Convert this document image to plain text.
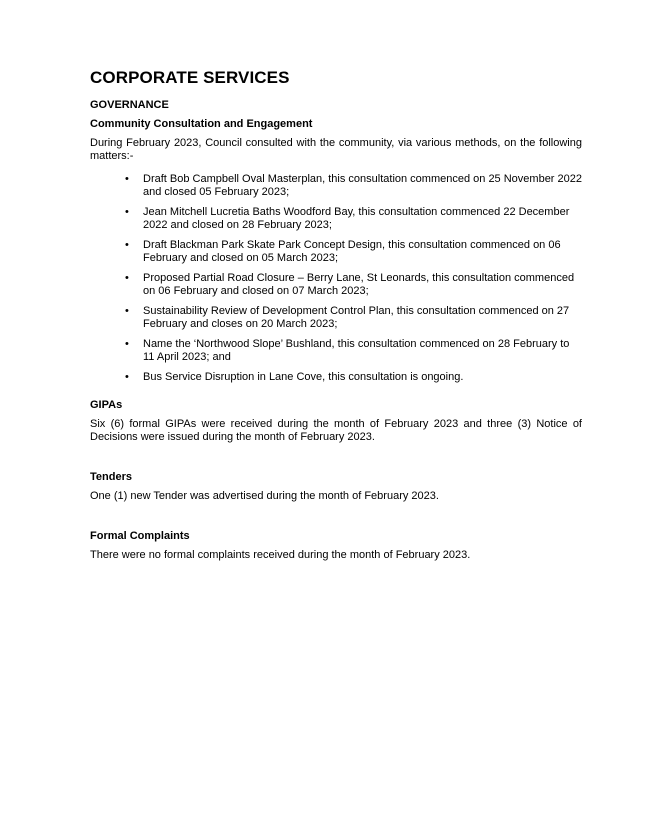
CORPORATE SERVICES
GOVERNANCE
Community Consultation and Engagement

During February 2023, Council consulted with the community, via various methods, on the following matters:-

• Draft Bob Campbell Oval Masterplan, this consultation commenced on 25 November 2022 and closed 05 February 2023;
• Jean Mitchell Lucretia Baths Woodford Bay, this consultation commenced 22 December 2022 and closed on 28 February 2023;
• Draft Blackman Park Skate Park Concept Design, this consultation commenced on 06 February and closed on 05 March 2023;
• Proposed Partial Road Closure – Berry Lane, St Leonards, this consultation commenced on 06 February and closed on 07 March 2023;
• Sustainability Review of Development Control Plan, this consultation commenced on 27 February and closes on 20 March 2023;
• Name the ‘Northwood Slope’ Bushland, this consultation commenced on 28 February to 11 April 2023; and
• Bus Service Disruption in Lane Cove, this consultation is ongoing.
GIPAs

Six (6) formal GIPAs were received during the month of February 2023 and three (3) Notice of Decisions were issued during the month of February 2023.

Tenders

One (1) new Tender was advertised during the month of February 2023.

Formal Complaints

There were no formal complaints received during the month of February 2023.
